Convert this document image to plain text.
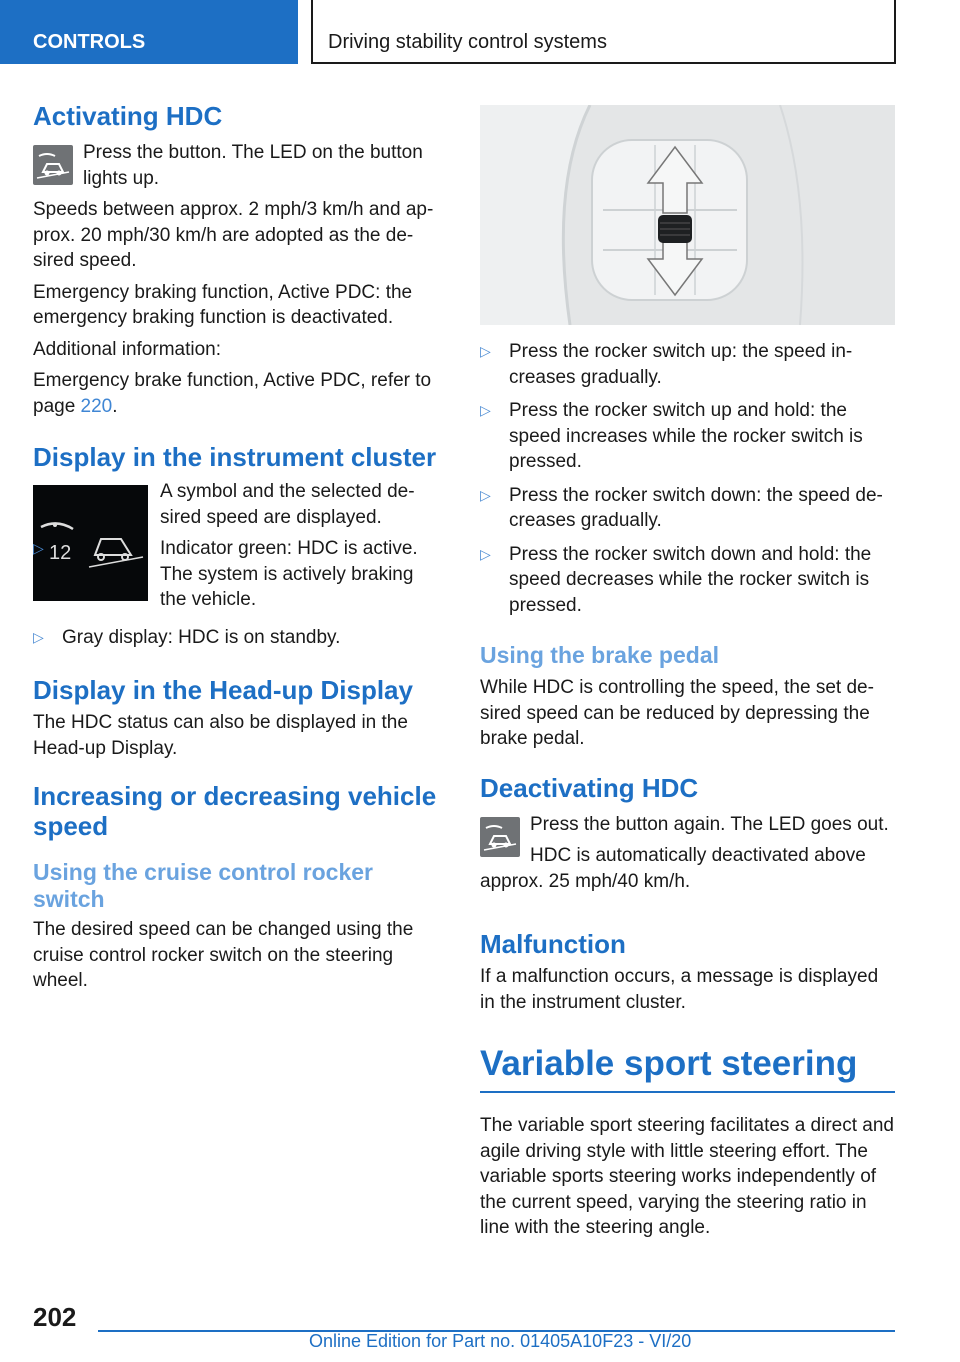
CONTROLS	Driving stability control systems
Activating HDC

Press the button. The LED on the button lights up.

Speeds between approx. 2 mph/3 km/h and ap‐prox. 20 mph/30 km/h are adopted as the de‐sired speed.

Emergency braking function, Active PDC: the emergency braking function is deactivated.

Additional information:

Emergency brake function, Active PDC, refer to page 220.

Display in the instrument cluster
12

A symbol and the selected de‐sired speed are displayed.

▷	Indicator green: HDC is active. The system is actively braking the vehicle.
▷ Gray display: HDC is on standby.
Display in the Head-up Display

The HDC status can also be displayed in the Head-up Display.

Increasing or decreasing vehicle speed
Using the cruise control rocker switch

The desired speed can be changed using the cruise control rocker switch on the steering wheel.

▷ Press the rocker switch up: the speed in‐creases gradually.
▷ Press the rocker switch up and hold: the speed increases while the rocker switch is pressed.
▷ Press the rocker switch down: the speed de‐creases gradually.
▷ Press the rocker switch down and hold: the speed decreases while the rocker switch is pressed.
Using the brake pedal

While HDC is controlling the speed, the set de‐sired speed can be reduced by depressing the brake pedal.

Deactivating HDC

Press the button again. The LED goes out.

HDC is automatically deactivated above approx. 25 mph/40 km/h.

Malfunction

If a malfunction occurs, a message is displayed in the instrument cluster.

Variable sport steering

The variable sport steering facilitates a direct and agile driving style with little steering effort. The variable sports steering works independently of the current speed, varying the steering ratio in line with the steering angle.

202
Online Edition for Part no. 01405A10F23 - VI/20
